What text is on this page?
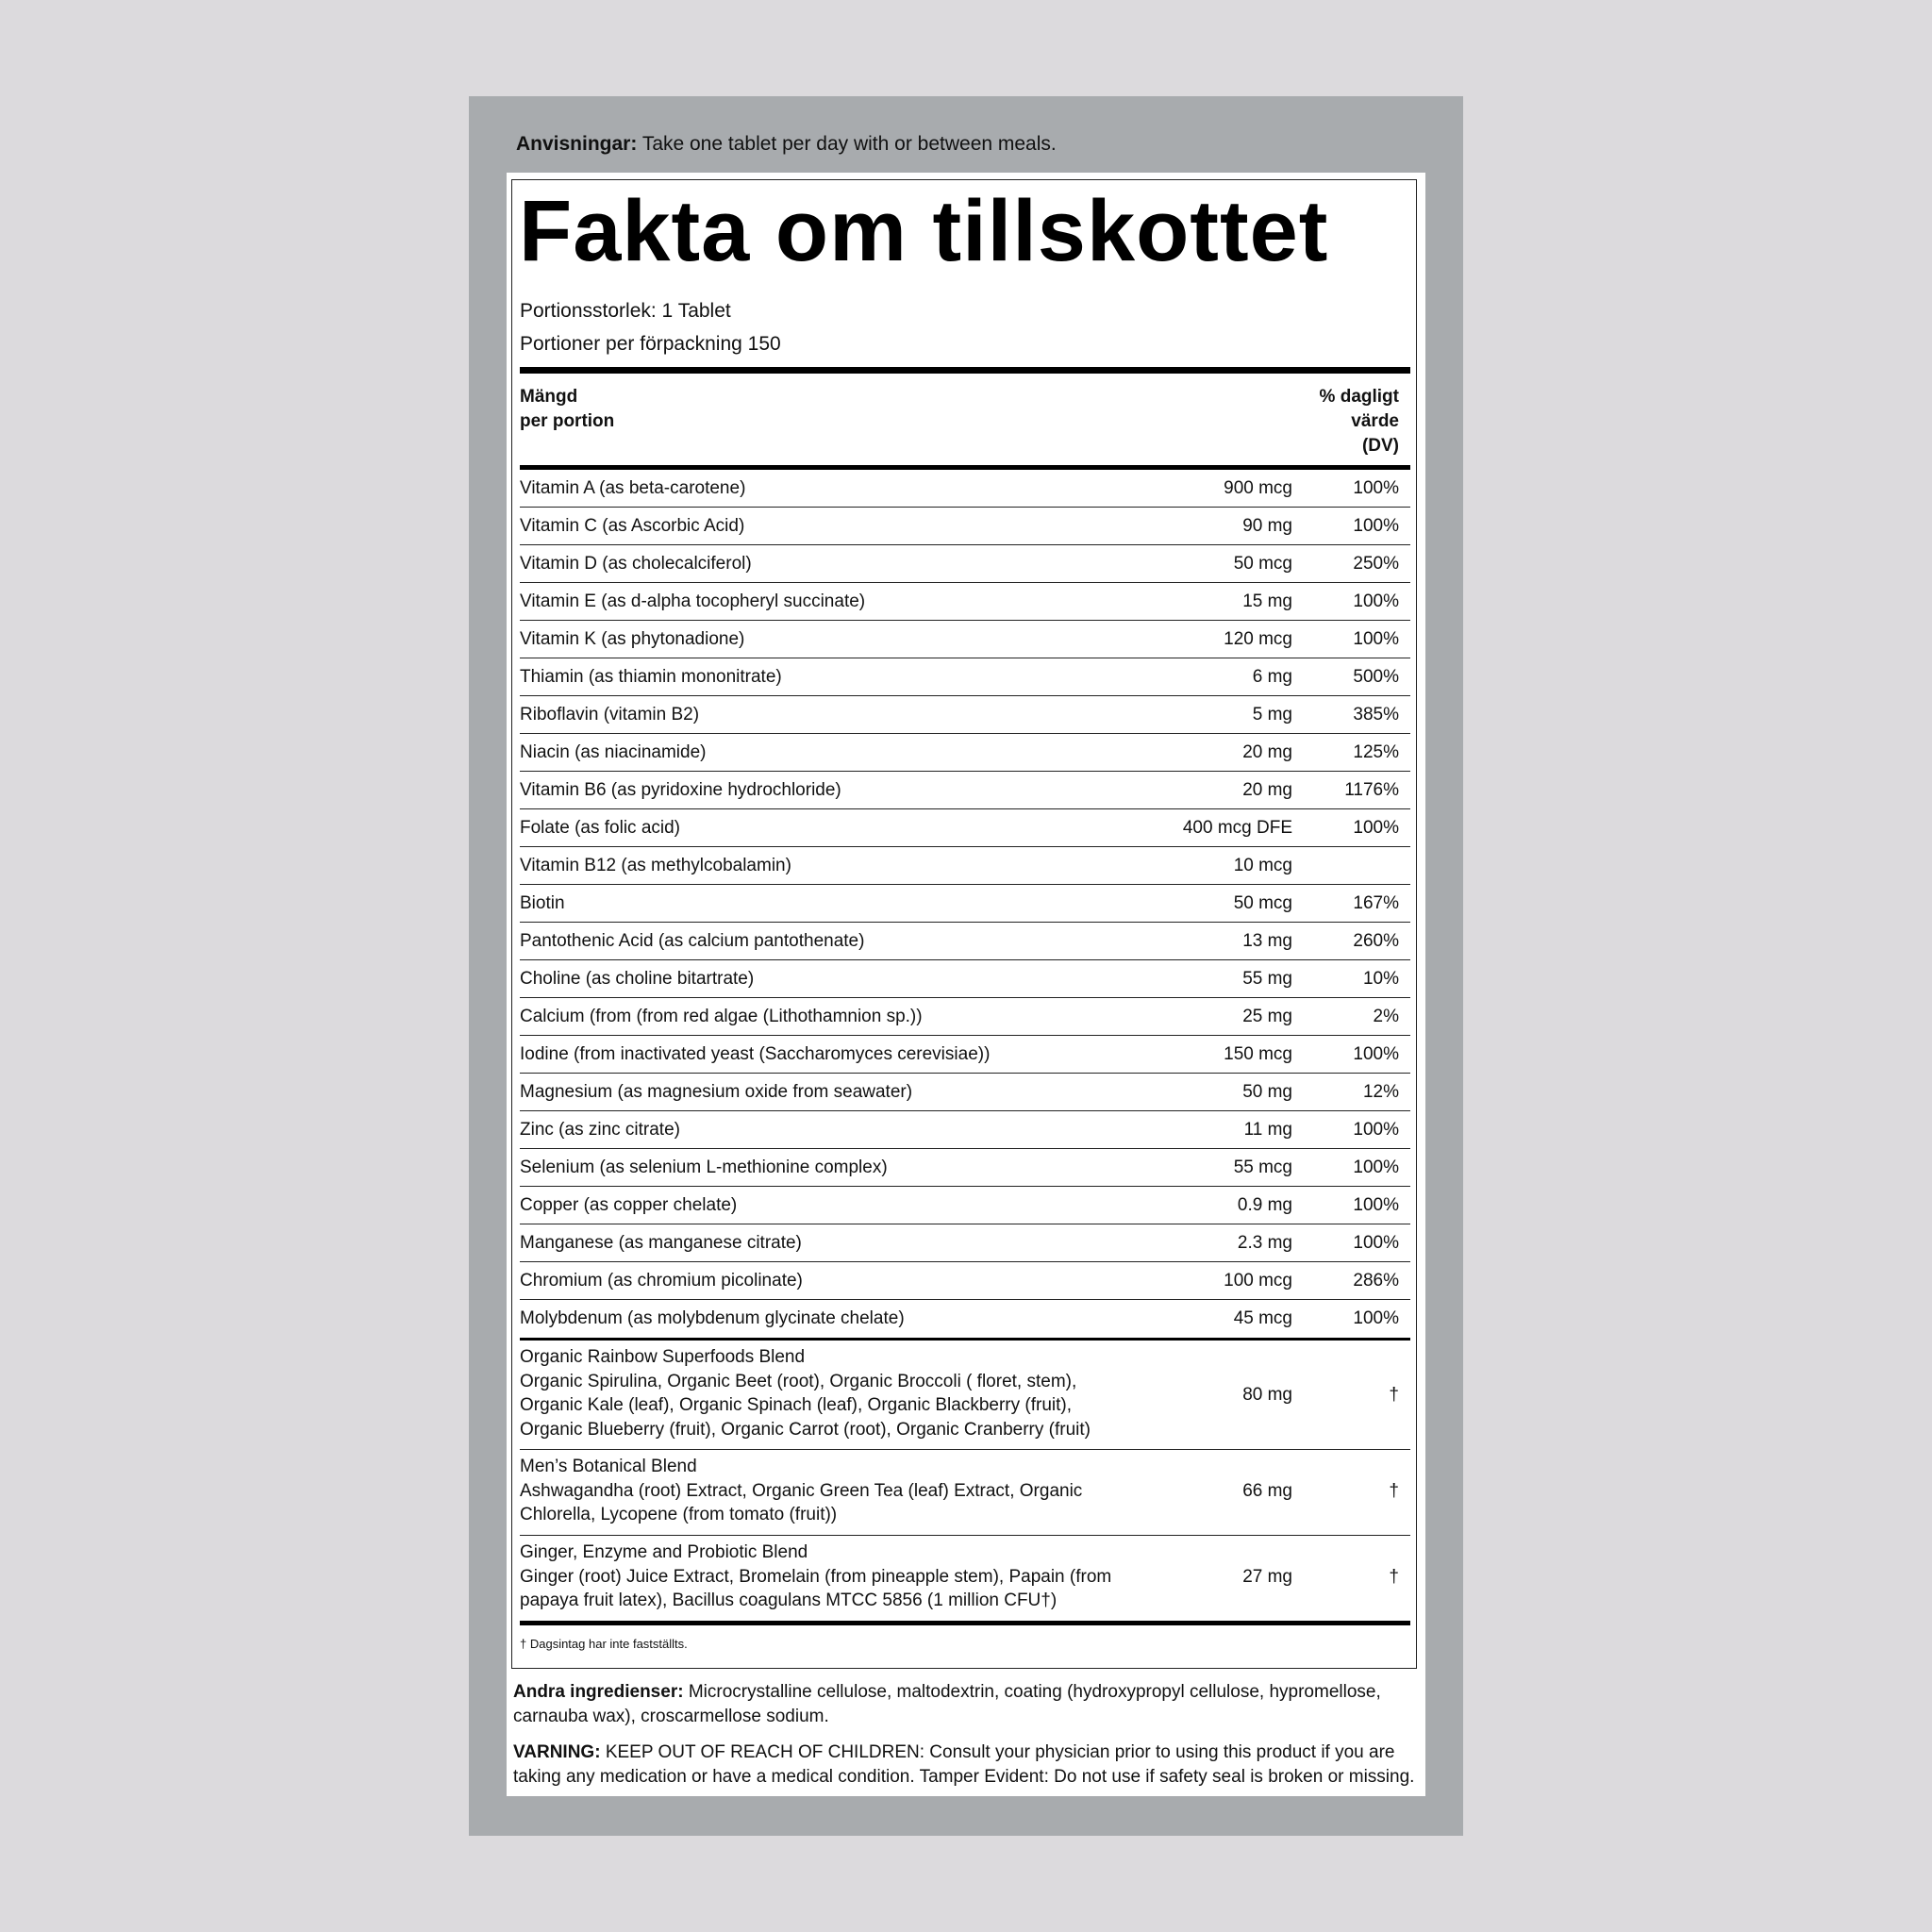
Anvisningar: Take one tablet per day with or between meals.
Fakta om tillskottet
Portionsstorlek: 1 Tablet
Portioner per förpackning 150
Mängd
per portion
% dagligt
värde
(DV)
Vitamin A (as beta-carotene)	900 mcg	100%
Vitamin C (as Ascorbic Acid)	90 mg	100%
Vitamin D (as cholecalciferol)	50 mcg	250%
Vitamin E (as d-alpha tocopheryl succinate)	15 mg	100%
Vitamin K (as phytonadione)	120 mcg	100%
Thiamin (as thiamin mononitrate)	6 mg	500%
Riboflavin (vitamin B2)	5 mg	385%
Niacin (as niacinamide)	20 mg	125%
Vitamin B6 (as pyridoxine hydrochloride)	20 mg	1176%
Folate (as folic acid)	400 mcg DFE	100%
Vitamin B12 (as methylcobalamin)	10 mcg
Biotin	50 mcg	167%
Pantothenic Acid (as calcium pantothenate)	13 mg	260%
Choline (as choline bitartrate)	55 mg	10%
Calcium (from (from red algae (Lithothamnion sp.))	25 mg	2%
Iodine (from inactivated yeast (Saccharomyces cerevisiae))	150 mcg	100%
Magnesium (as magnesium oxide from seawater)	50 mg	12%
Zinc (as zinc citrate)	11 mg	100%
Selenium (as selenium L-methionine complex)	55 mcg	100%
Copper (as copper chelate)	0.9 mg	100%
Manganese (as manganese citrate)	2.3 mg	100%
Chromium (as chromium picolinate)	100 mcg	286%
Molybdenum (as molybdenum glycinate chelate)	45 mcg	100%
Organic Rainbow Superfoods Blend
Organic Spirulina, Organic Beet (root), Organic Broccoli ( floret, stem), Organic Kale (leaf), Organic Spinach (leaf), Organic Blackberry (fruit), Organic Blueberry (fruit), Organic Carrot (root), Organic Cranberry (fruit)
80 mg	†
Men’s Botanical Blend
Ashwagandha (root) Extract, Organic Green Tea (leaf) Extract, Organic Chlorella, Lycopene (from tomato (fruit))
66 mg	†
Ginger, Enzyme and Probiotic Blend
Ginger (root) Juice Extract, Bromelain (from pineapple stem), Papain (from papaya fruit latex), Bacillus coagulans MTCC 5856 (1 million CFU†)
27 mg	†
† Dagsintag har inte fastställts.
Andra ingredienser: Microcrystalline cellulose, maltodextrin, coating (hydroxypropyl cellulose, hypromellose, carnauba wax), croscarmellose sodium.
VARNING: KEEP OUT OF REACH OF CHILDREN: Consult your physician prior to using this product if you are taking any medication or have a medical condition. Tamper Evident: Do not use if safety seal is broken or missing.
